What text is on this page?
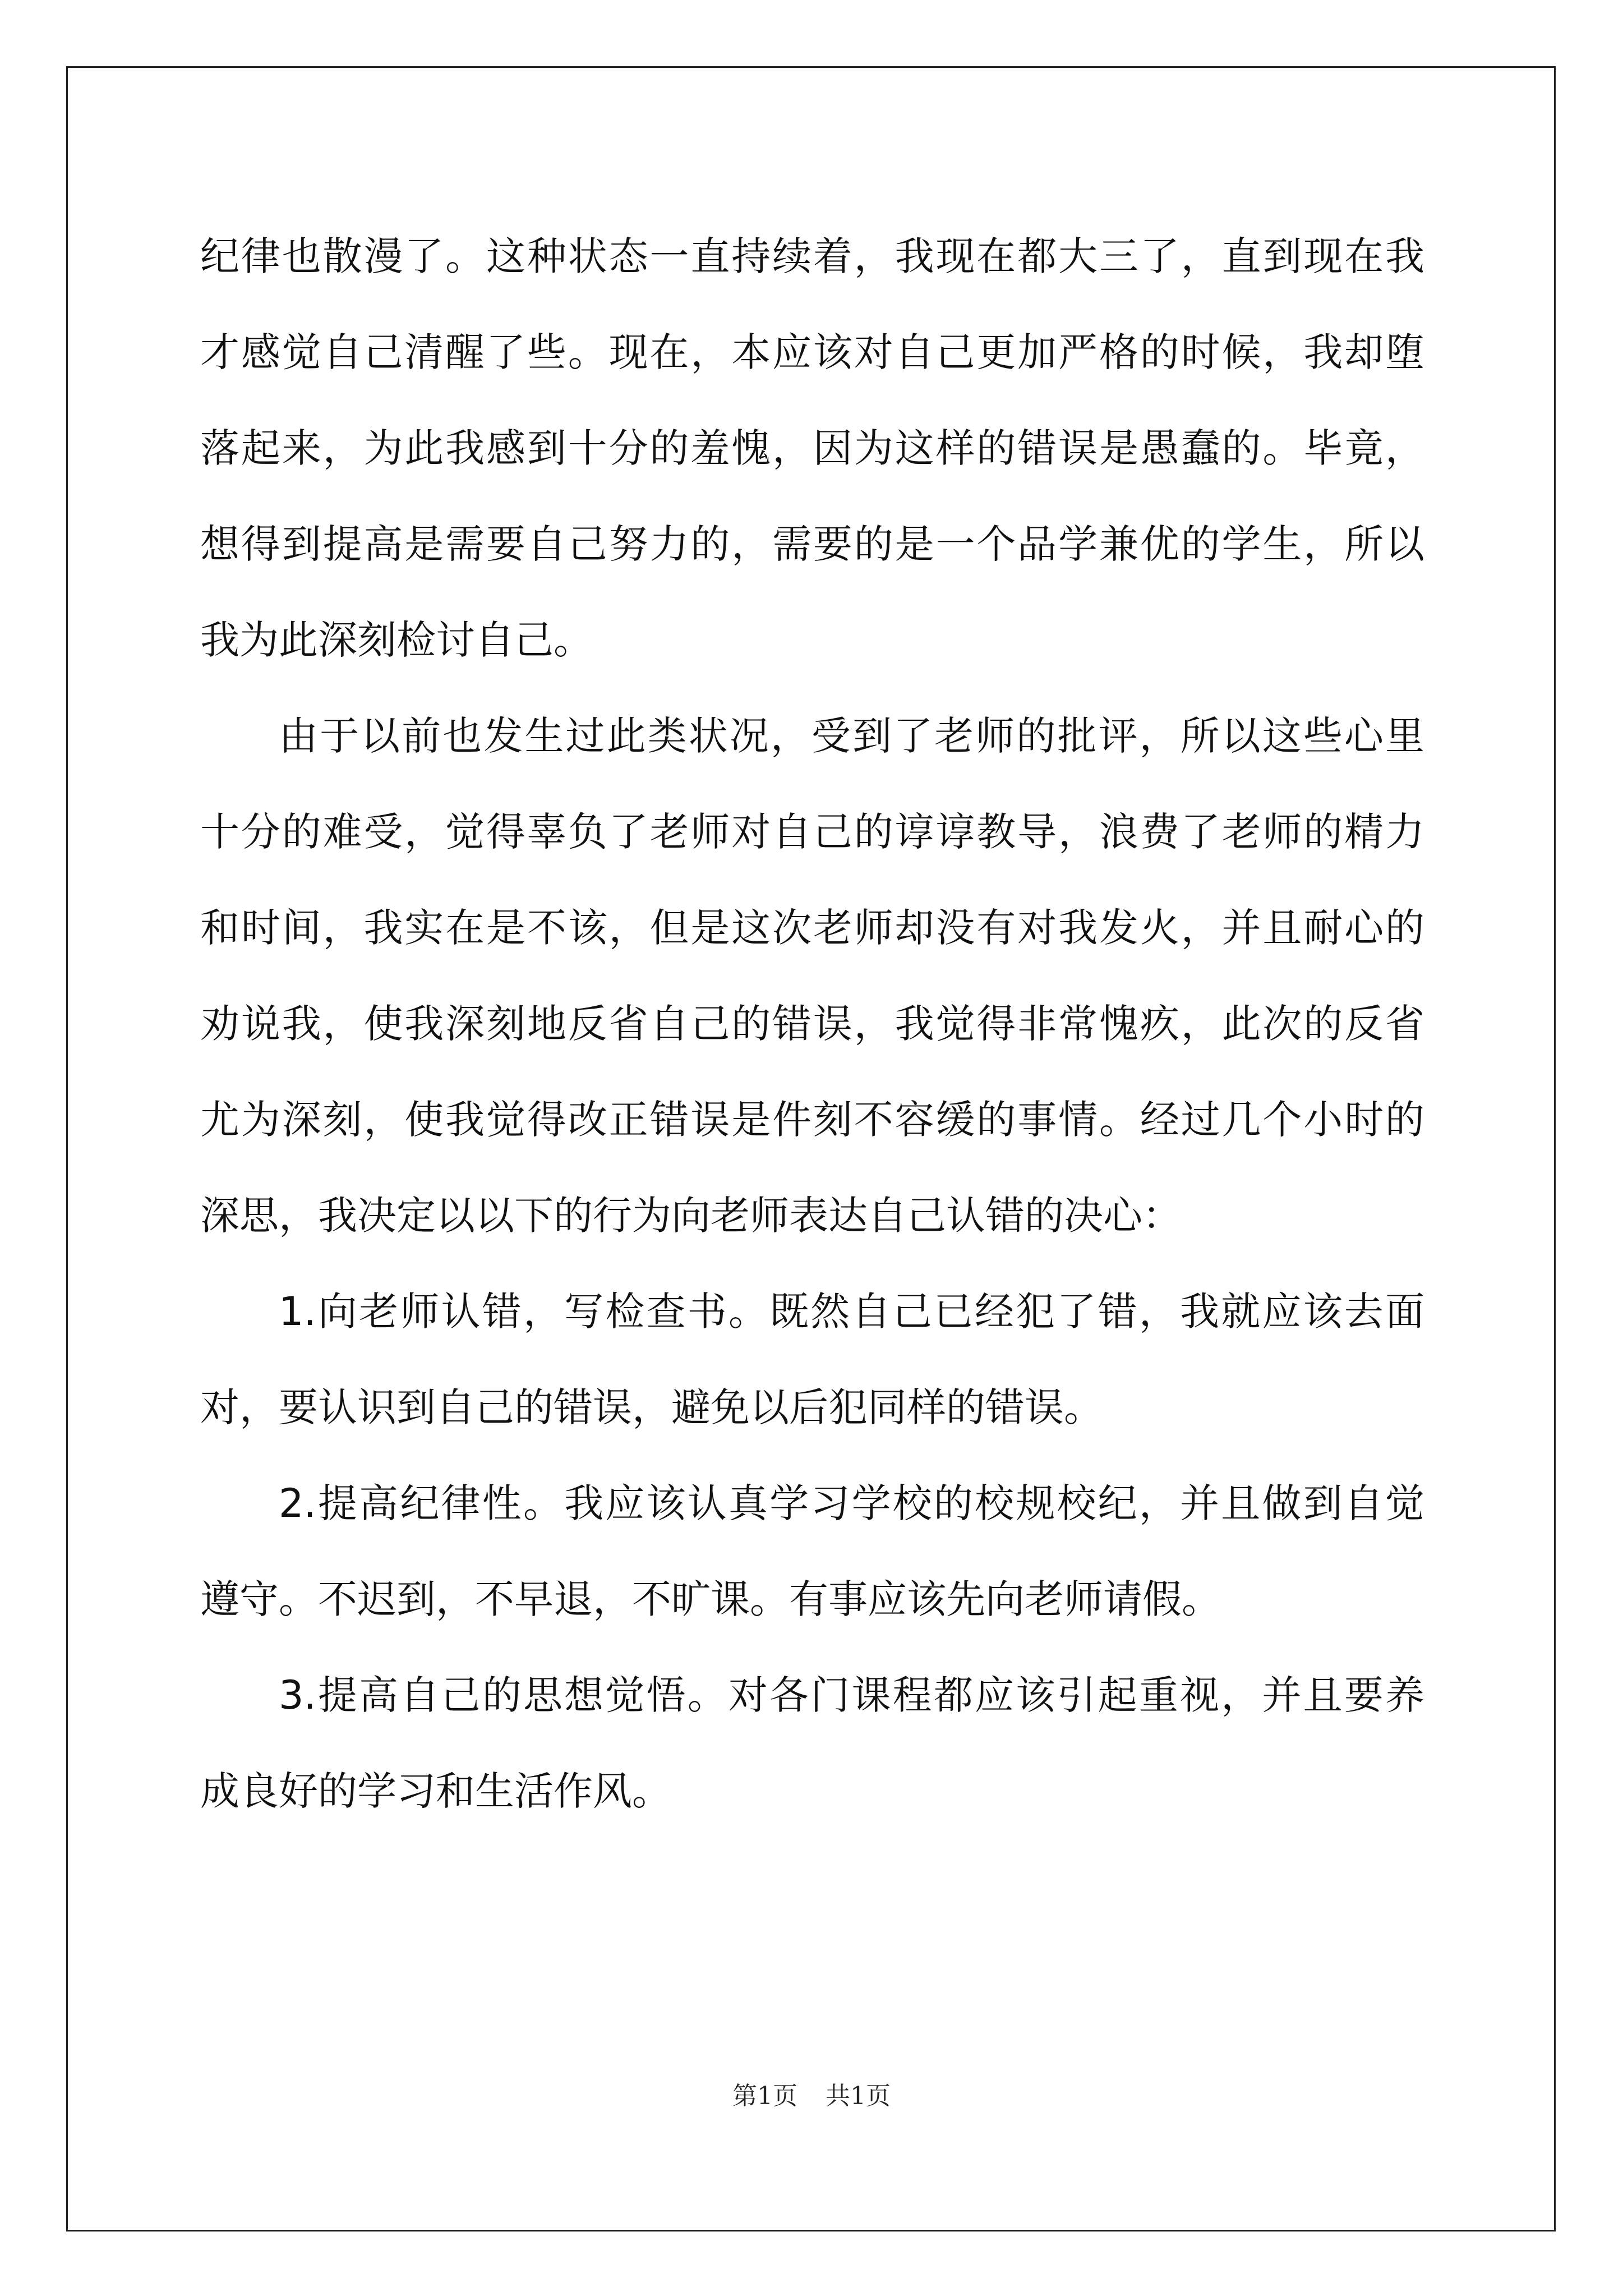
纪律也散漫了。这种状态一直持续着，我现在都大三了，直到现在我
才感觉自己清醒了些。现在，本应该对自己更加严格的时候，我却堕
落起来，为此我感到十分的羞愧，因为这样的错误是愚蠢的。毕竟，
想得到提高是需要自己努力的，需要的是一个品学兼优的学生，所以
我为此深刻检讨自己。
由于以前也发生过此类状况，受到了老师的批评，所以这些心里
十分的难受，觉得辜负了老师对自己的谆谆教导，浪费了老师的精力
和时间，我实在是不该，但是这次老师却没有对我发火，并且耐心的
劝说我，使我深刻地反省自己的错误，我觉得非常愧疚，此次的反省
尤为深刻，使我觉得改正错误是件刻不容缓的事情。经过几个小时的
深思，我决定以以下的行为向老师表达自己认错的决心：
1.向老师认错，写检查书。既然自己已经犯了错，我就应该去面
对，要认识到自己的错误，避免以后犯同样的错误。
2.提高纪律性。我应该认真学习学校的校规校纪，并且做到自觉
遵守。不迟到，不早退，不旷课。有事应该先向老师请假。
3.提高自己的思想觉悟。对各门课程都应该引起重视，并且要养
成良好的学习和生活作风。
第1页 共1页
